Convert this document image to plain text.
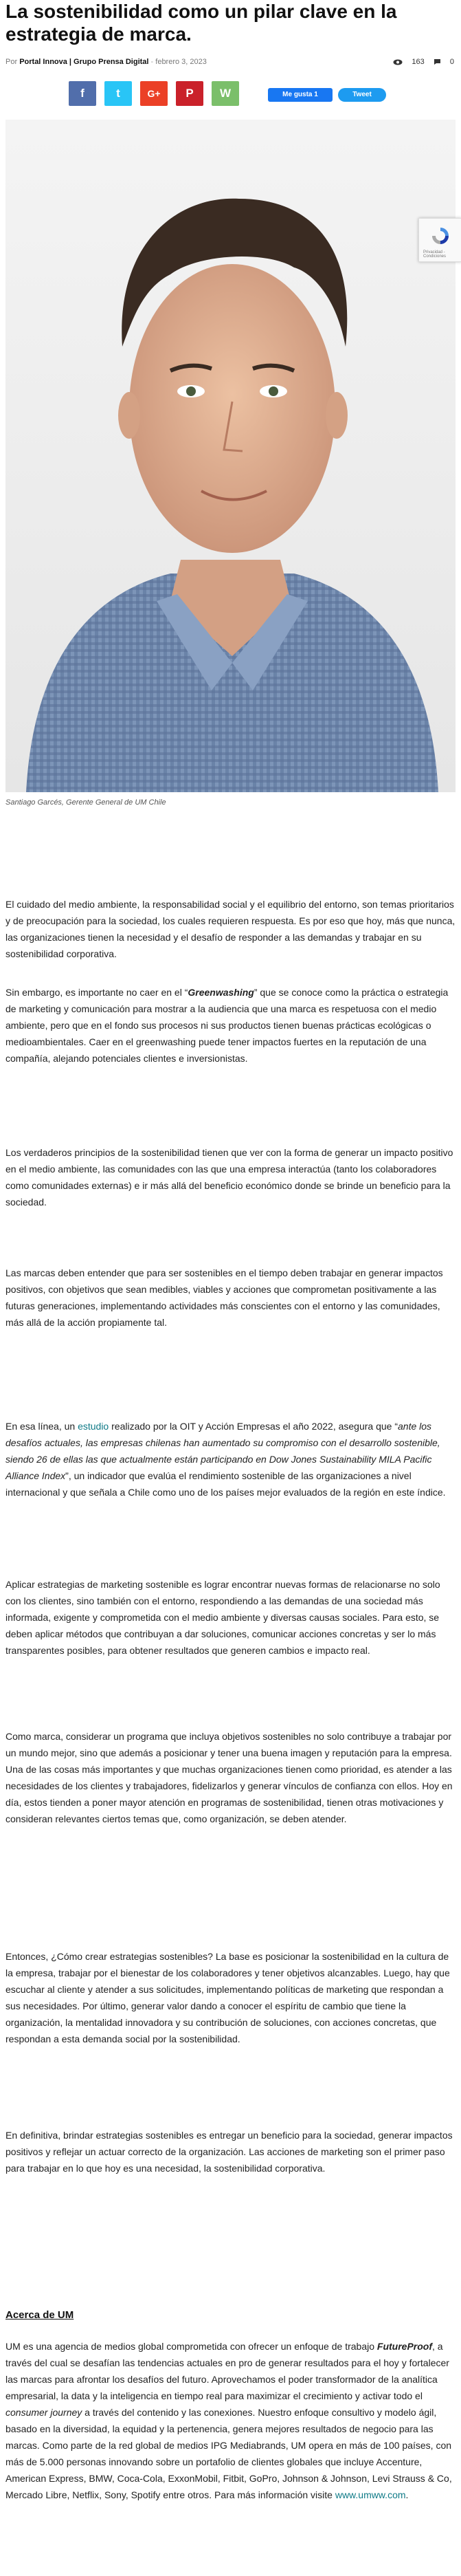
La sostenibilidad como un pilar clave en la estrategia de marca.
Por Portal Innova | Grupo Prensa Digital - febrero 3, 2023	163	0
f	t	G+	P	W	Me gusta 1	Tweet
Santiago Garcés, Gerente General de UM Chile
Privacidad - Condiciones

El cuidado del medio ambiente, la responsabilidad social y el equilibrio del entorno, son temas prioritarios y de preocupación para la sociedad, los cuales requieren respuesta. Es por eso que hoy, más que nunca, las organizaciones tienen la necesidad y el desafío de responder a las demandas y trabajar en su sostenibilidad corporativa.

Sin embargo, es importante no caer en el “Greenwashing” que se conoce como la práctica o estrategia de marketing y comunicación para mostrar a la audiencia que una marca es respetuosa con el medio ambiente, pero que en el fondo sus procesos ni sus productos tienen buenas prácticas ecológicas o medioambientales. Caer en el greenwashing puede tener impactos fuertes en la reputación de una compañía, alejando potenciales clientes e inversionistas.

Los verdaderos principios de la sostenibilidad tienen que ver con la forma de generar un impacto positivo en el medio ambiente, las comunidades con las que una empresa interactúa (tanto los colaboradores como comunidades externas) e ir más allá del beneficio económico donde se brinde un beneficio para la sociedad.

Las marcas deben entender que para ser sostenibles en el tiempo deben trabajar en generar impactos positivos, con objetivos que sean medibles, viables y acciones que comprometan positivamente a las futuras generaciones, implementando actividades más conscientes con el entorno y las comunidades, más allá de la acción propiamente tal.

En esa línea, un estudio realizado por la OIT y Acción Empresas el año 2022, asegura que “ante los desafíos actuales, las empresas chilenas han aumentado su compromiso con el desarrollo sostenible, siendo 26 de ellas las que actualmente están participando en Dow Jones Sustainability MILA Pacific Alliance Index”, un indicador que evalúa el rendimiento sostenible de las organizaciones a nivel internacional y que señala a Chile como uno de los países mejor evaluados de la región en este índice.

Aplicar estrategias de marketing sostenible es lograr encontrar nuevas formas de relacionarse no solo con los clientes, sino también con el entorno, respondiendo a las demandas de una sociedad más informada, exigente y comprometida con el medio ambiente y diversas causas sociales. Para esto, se deben aplicar métodos que contribuyan a dar soluciones, comunicar acciones concretas y ser lo más transparentes posibles, para obtener resultados que generen cambios e impacto real.

Como marca, considerar un programa que incluya objetivos sostenibles no solo contribuye a trabajar por un mundo mejor, sino que además a posicionar y tener una buena imagen y reputación para la empresa. Una de las cosas más importantes y que muchas organizaciones tienen como prioridad, es atender a las necesidades de los clientes y trabajadores, fidelizarlos y generar vínculos de confianza con ellos. Hoy en día, estos tienden a poner mayor atención en programas de sostenibilidad, tienen otras motivaciones y consideran relevantes ciertos temas que, como organización, se deben atender.

Entonces, ¿Cómo crear estrategias sostenibles? La base es posicionar la sostenibilidad en la cultura de la empresa, trabajar por el bienestar de los colaboradores y tener objetivos alcanzables. Luego, hay que escuchar al cliente y atender a sus solicitudes, implementando políticas de marketing que respondan a sus necesidades. Por último, generar valor dando a conocer el espíritu de cambio que tiene la organización, la mentalidad innovadora y su contribución de soluciones, con acciones concretas, que respondan a esta demanda social por la sostenibilidad.

En definitiva, brindar estrategias sostenibles es entregar un beneficio para la sociedad, generar impactos positivos y reflejar un actuar correcto de la organización. Las acciones de marketing son el primer paso para trabajar en lo que hoy es una necesidad, la sostenibilidad corporativa.

Acerca de UM

UM es una agencia de medios global comprometida con ofrecer un enfoque de trabajo FutureProof, a través del cual se desafían las tendencias actuales en pro de generar resultados para el hoy y fortalecer las marcas para afrontar los desafíos del futuro. Aprovechamos el poder transformador de la analítica empresarial, la data y la inteligencia en tiempo real para maximizar el crecimiento y activar todo el consumer journey a través del contenido y las conexiones. Nuestro enfoque consultivo y modelo ágil, basado en la diversidad, la equidad y la pertenencia, genera mejores resultados de negocio para las marcas. Como parte de la red global de medios IPG Mediabrands, UM opera en más de 100 países, con más de 5.000 personas innovando sobre un portafolio de clientes globales que incluye Accenture, American Express, BMW, Coca-Cola, ExxonMobil, Fitbit, GoPro, Johnson & Johnson, Levi Strauss & Co, Mercado Libre, Netflix, Sony, Spotify entre otros. Para más información visite www.umww.com.
